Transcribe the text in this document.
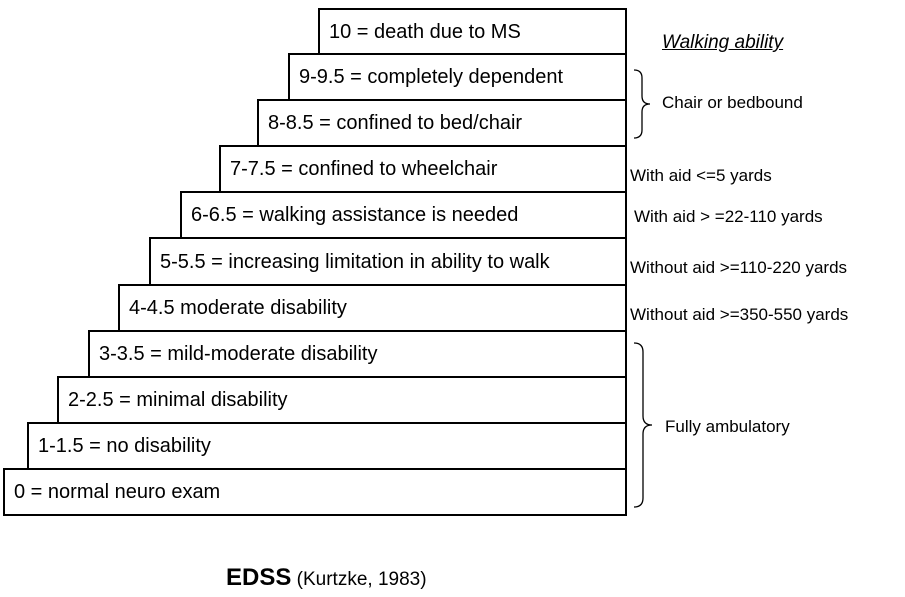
10 = death due to MS
9-9.5 = completely dependent
8-8.5 = confined to bed/chair
7-7.5 = confined to wheelchair
6-6.5 = walking assistance is needed
5-5.5 = increasing limitation in ability to walk
4-4.5 moderate disability
3-3.5 = mild-moderate disability
2-2.5 = minimal disability
1-1.5 = no disability
0 = normal neuro exam
Walking ability
Chair or bedbound
With aid <=5 yards
With aid > =22-110 yards
Without aid >=110-220 yards
Without aid >=350-550 yards
Fully ambulatory
EDSS (Kurtzke, 1983)
